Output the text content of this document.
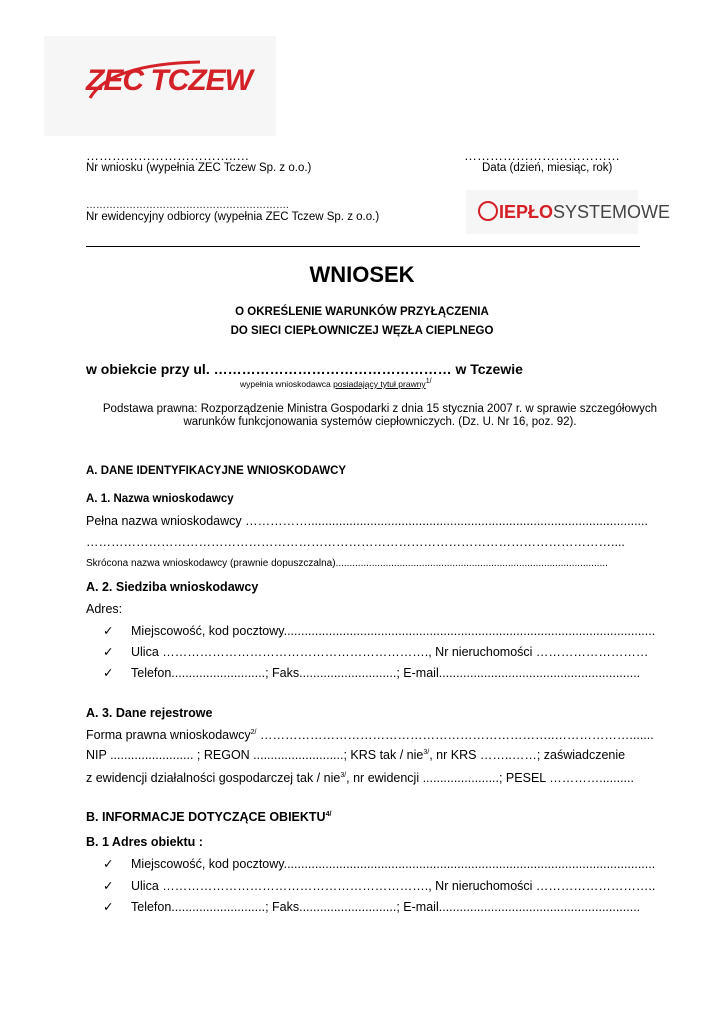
ZEC TCZEW
……………………………..…
Nr wniosku (wypełnia ZEC Tczew Sp. z o.o.)
………………………………
Data (dzień, miesiąc, rok)
…………………………………………………….
Nr ewidencyjny odbiorcy (wypełnia ZEC Tczew Sp. z o.o.)	IEPŁOSYSTEMOWE
WNIOSEK
O OKREŚLENIE WARUNKÓW PRZYŁĄCZENIA
DO SIECI CIEPŁOWNICZEJ WĘZŁA CIEPLNEGO
w obiekcie przy ul. …………………………………………… w Tczewie
wypełnia wnioskodawca posiadający tytuł prawny$^{1/}$
Podstawa prawna: Rozporządzenie Ministra Gospodarki z dnia 15 stycznia 2007 r. w sprawie szczegółowych
warunków funkcjonowania systemów ciepłowniczych. (Dz. U. Nr 16, poz. 92).
A. DANE IDENTYFIKACYJNE WNIOSKODAWCY
A. 1. Nazwa wnioskodawcy
Pełna nazwa wnioskodawcy ……………..................................................................................................
………………………………………………………………………………………………………………....
Skrócona nazwa wnioskodawcy (prawnie dopuszczalna)..................................................................................................
A. 2. Siedziba wnioskodawcy
Adres:
✓ Miejscowość, kod pocztowy...........................................................................................................
✓ Ulica ………………………………………………………., Nr nieruchomości ………………………
✓ Telefon...........................; Faks............................; E-mail..........................................................
A. 3. Dane rejestrowe
Forma prawna wnioskodawcy$^{2/}$ ……………………………………………………………..……………….......
NIP ........................ ; REGON ..........................; KRS tak / nie$^{3/}$, nr KRS ……..……; zaświadczenie
z ewidencji działalności gospodarczej tak / nie$^{3/}$, nr ewidencji ......................; PESEL …………..........
B. INFORMACJE DOTYCZĄCE $OBIEKTU^{4/}$
B. 1 Adres obiektu :
✓ Miejscowość, kod pocztowy...........................................................................................................
✓ Ulica ………………………………………………………., Nr nieruchomości ………………………..
✓ Telefon...........................; Faks............................; E-mail..........................................................
